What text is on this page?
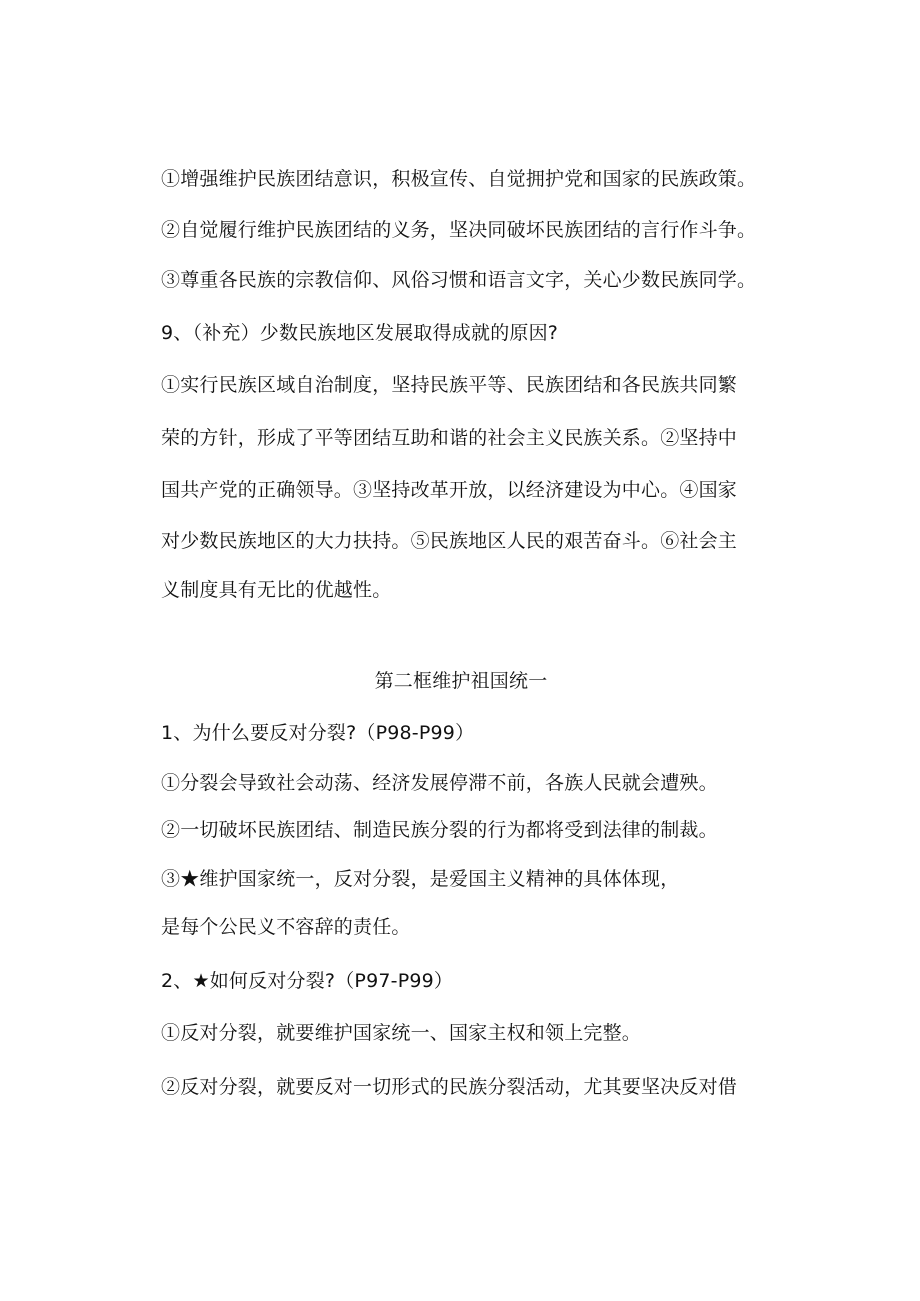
①增强维护民族团结意识，积极宣传、自觉拥护党和国家的民族政策。
②自觉履行维护民族团结的义务，坚决同破坏民族团结的言行作斗争。
③尊重各民族的宗教信仰、风俗习惯和语言文字，关心少数民族同学。
9、（补充）少数民族地区发展取得成就的原因?
①实行民族区域自治制度，坚持民族平等、民族团结和各民族共同繁
荣的方针，形成了平等团结互助和谐的社会主义民族关系。②坚持中
国共产党的正确领导。③坚持改革开放，以经济建设为中心。④国家
对少数民族地区的大力扶持。⑤民族地区人民的艰苦奋斗。⑥社会主
义制度具有无比的优越性。
第二框维护祖国统一
1、为什么要反对分裂?（P98-P99）
①分裂会导致社会动荡、经济发展停滞不前，各族人民就会遭殃。
②一切破坏民族团结、制造民族分裂的行为都将受到法律的制裁。
③★维护国家统一，反对分裂，是爱国主义精神的具体体现，
是每个公民义不容辞的责任。
2、★如何反对分裂?（P97-P99）
①反对分裂，就要维护国家统一、国家主权和领上完整。
②反对分裂，就要反对一切形式的民族分裂活动，尤其要坚决反对借
